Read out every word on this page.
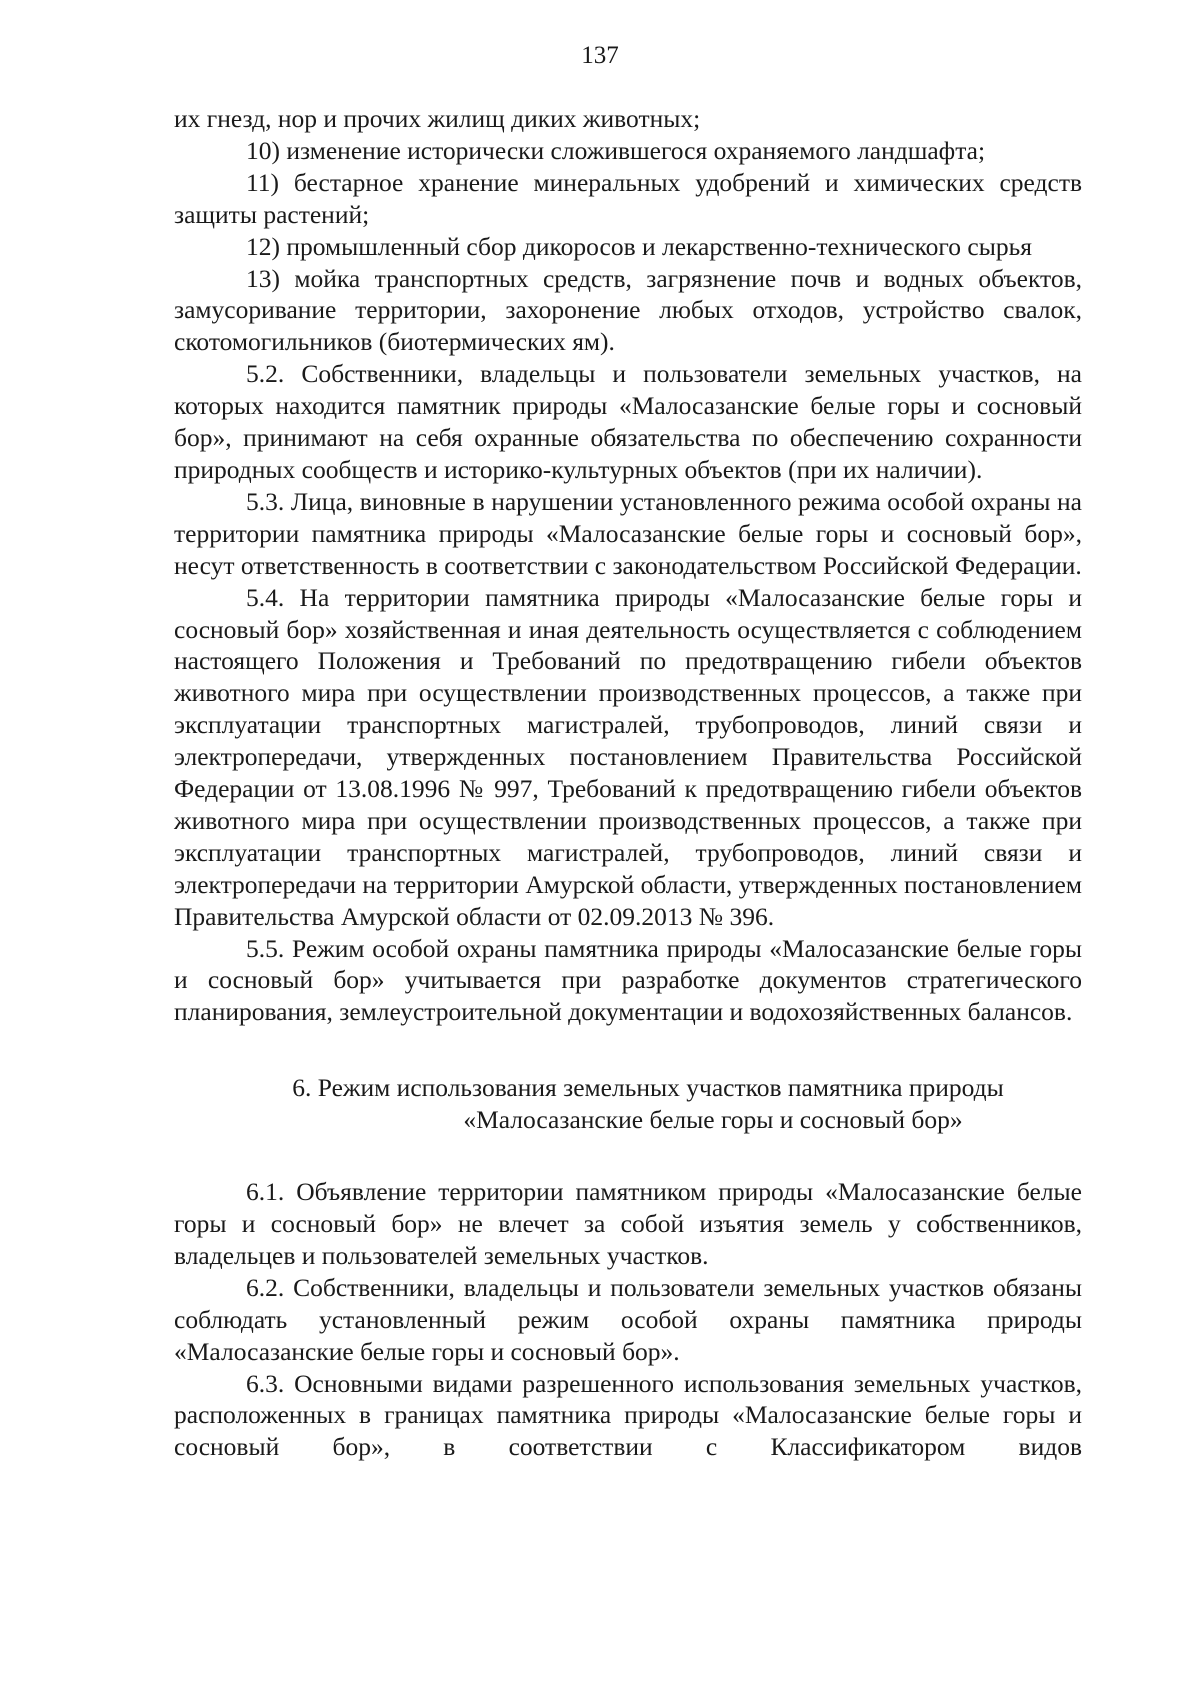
137

их гнезд, нор и прочих жилищ диких животных;

10) изменение исторически сложившегося охраняемого ландшафта;

11) бестарное хранение минеральных удобрений и химических средств защиты растений;

12) промышленный сбор дикоросов и лекарственно-технического сырья

13) мойка транспортных средств, загрязнение почв и водных объектов, замусоривание территории, захоронение любых отходов, устройство свалок, скотомогильников (биотермических ям).

5.2. Собственники, владельцы и пользователи земельных участков, на которых находится памятник природы «Малосазанские белые горы и сосновый бор», принимают на себя охранные обязательства по обеспечению сохранности природных сообществ и историко-культурных объектов (при их наличии).

5.3. Лица, виновные в нарушении установленного режима особой охраны на территории памятника природы «Малосазанские белые горы и сосновый бор», несут ответственность в соответствии с законодательством Российской Федерации.

5.4. На территории памятника природы «Малосазанские белые горы и сосновый бор» хозяйственная и иная деятельность осуществляется с соблюдением настоящего Положения и Требований по предотвращению гибели объектов животного мира при осуществлении производственных процессов, а также при эксплуатации транспортных магистралей, трубопроводов, линий связи и электропередачи, утвержденных постановлением Правительства Российской Федерации от 13.08.1996 № 997, Требований к предотвращению гибели объектов животного мира при осуществлении производственных процессов, а также при эксплуатации транспортных магистралей, трубопроводов, линий связи и электропередачи на территории Амурской области, утвержденных постановлением Правительства Амурской области от 02.09.2013 № 396.

5.5. Режим особой охраны памятника природы «Малосазанские белые горы и сосновый бор» учитывается при разработке документов стратегического планирования, землеустроительной документации и водохозяйственных балансов.

6. Режим использования земельных участков памятника природы
«Малосазанские белые горы и сосновый бор»

6.1. Объявление территории памятником природы «Малосазанские белые горы и сосновый бор» не влечет за собой изъятия земель у собственников, владельцев и пользователей земельных участков.

6.2. Собственники, владельцы и пользователи земельных участков обязаны соблюдать установленный режим особой охраны памятника природы «Малосазанские белые горы и сосновый бор».

6.3. Основными видами разрешенного использования земельных участков, расположенных в границах памятника природы «Малосазанские белые горы и сосновый бор», в соответствии с Классификатором видов
